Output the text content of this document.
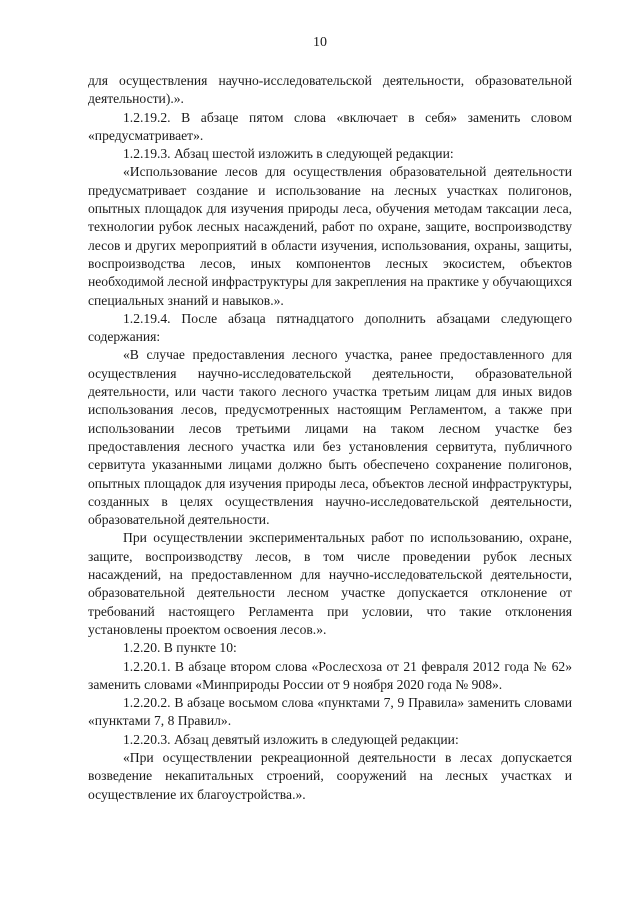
10

для осуществления научно-исследовательской деятельности, образовательной деятельности).».

1.2.19.2. В абзаце пятом слова «включает в себя» заменить словом «предусматривает».

1.2.19.3. Абзац шестой изложить в следующей редакции:

«Использование лесов для осуществления образовательной деятельности предусматривает создание и использование на лесных участках полигонов, опытных площадок для изучения природы леса, обучения методам таксации леса, технологии рубок лесных насаждений, работ по охране, защите, воспроизводству лесов и других мероприятий в области изучения, использования, охраны, защиты, воспроизводства лесов, иных компонентов лесных экосистем, объектов необходимой лесной инфраструктуры для закрепления на практике у обучающихся специальных знаний и навыков.».

1.2.19.4. После абзаца пятнадцатого дополнить абзацами следующего содержания:

«В случае предоставления лесного участка, ранее предоставленного для осуществления научно-исследовательской деятельности, образовательной деятельности, или части такого лесного участка третьим лицам для иных видов использования лесов, предусмотренных настоящим Регламентом, а также при использовании лесов третьими лицами на таком лесном участке без предоставления лесного участка или без установления сервитута, публичного сервитута указанными лицами должно быть обеспечено сохранение полигонов, опытных площадок для изучения природы леса, объектов лесной инфраструктуры, созданных в целях осуществления научно-исследовательской деятельности, образовательной деятельности.

При осуществлении экспериментальных работ по использованию, охране, защите, воспроизводству лесов, в том числе проведении рубок лесных насаждений, на предоставленном для научно-исследовательской деятельности, образовательной деятельности лесном участке допускается отклонение от требований настоящего Регламента при условии, что такие отклонения установлены проектом освоения лесов.».

1.2.20. В пункте 10:

1.2.20.1. В абзаце втором слова «Рослесхоза от 21 февраля 2012 года № 62» заменить словами «Минприроды России от 9 ноября 2020 года № 908».

1.2.20.2. В абзаце восьмом слова «пунктами 7, 9 Правила» заменить словами «пунктами 7, 8 Правил».

1.2.20.3. Абзац девятый изложить в следующей редакции:

«При осуществлении рекреационной деятельности в лесах допускается возведение некапитальных строений, сооружений на лесных участках и осуществление их благоустройства.».
